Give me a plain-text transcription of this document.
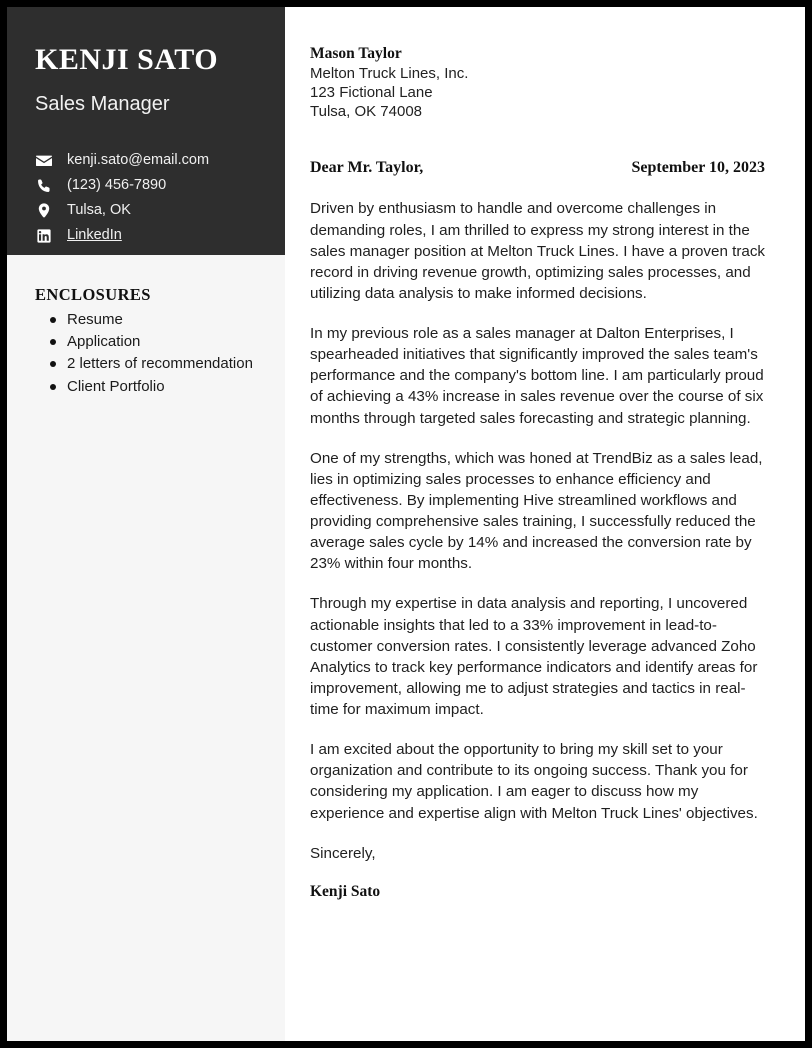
KENJI SATO
Sales Manager
kenji.sato@email.com
(123) 456-7890
Tulsa, OK
LinkedIn
ENCLOSURES
Resume
Application
2 letters of recommendation
Client Portfolio
Mason Taylor
Melton Truck Lines, Inc.
123 Fictional Lane
Tulsa, OK 74008
Dear Mr. Taylor,	September 10, 2023

Driven by enthusiasm to handle and overcome challenges in demanding roles, I am thrilled to express my strong interest in the sales manager position at Melton Truck Lines. I have a proven track record in driving revenue growth, optimizing sales processes, and utilizing data analysis to make informed decisions.

In my previous role as a sales manager at Dalton Enterprises, I spearheaded initiatives that significantly improved the sales team's performance and the company's bottom line. I am particularly proud of achieving a 43% increase in sales revenue over the course of six months through targeted sales forecasting and strategic planning.

One of my strengths, which was honed at TrendBiz as a sales lead, lies in optimizing sales processes to enhance efficiency and effectiveness. By implementing Hive streamlined workflows and providing comprehensive sales training, I successfully reduced the average sales cycle by 14% and increased the conversion rate by 23% within four months.

Through my expertise in data analysis and reporting, I uncovered actionable insights that led to a 33% improvement in lead-to-customer conversion rates. I consistently leverage advanced Zoho Analytics to track key performance indicators and identify areas for improvement, allowing me to adjust strategies and tactics in real-time for maximum impact.

I am excited about the opportunity to bring my skill set to your organization and contribute to its ongoing success. Thank you for considering my application. I am eager to discuss how my experience and expertise align with Melton Truck Lines' objectives.

Sincerely,

Kenji Sato
